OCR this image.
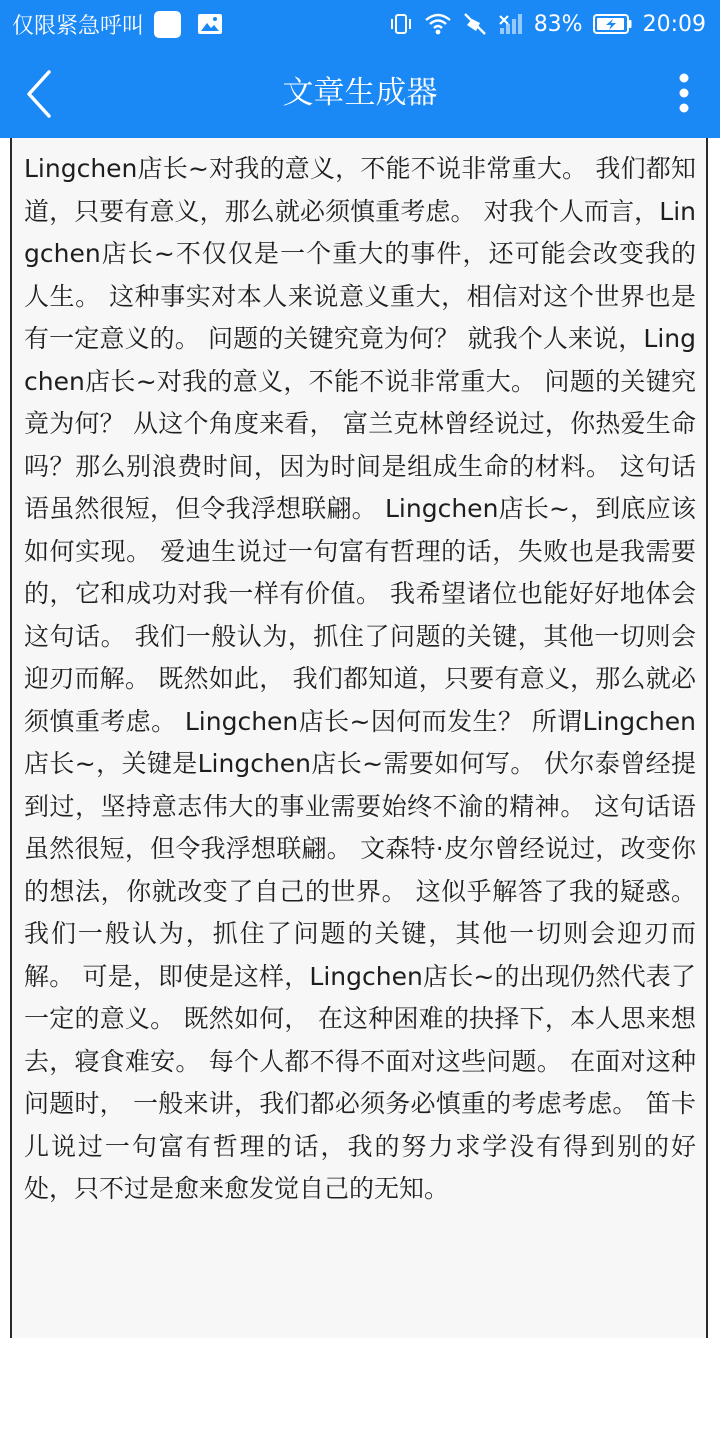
仅限紧急呼叫	83%	20:09
文章生成器

Lingchen店长~对我的意义，不能不说非常重大。 我们都知道，只要有意义，那么就必须慎重考虑。 对我个人而言，Lingchen店长~不仅仅是一个重大的事件，还可能会改变我的人生。 这种事实对本人来说意义重大，相信对这个世界也是有一定意义的。 问题的关键究竟为何？ 就我个人来说，Lingchen店长~对我的意义，不能不说非常重大。 问题的关键究竟为何？ 从这个角度来看， 富兰克林曾经说过，你热爱生命吗？那么别浪费时间，因为时间是组成生命的材料。 这句话语虽然很短，但令我浮想联翩。 Lingchen店长~，到底应该如何实现。 爱迪生说过一句富有哲理的话，失败也是我需要的，它和成功对我一样有价值。 我希望诸位也能好好地体会这句话。 我们一般认为，抓住了问题的关键，其他一切则会迎刃而解。 既然如此， 我们都知道，只要有意义，那么就必须慎重考虑。 Lingchen店长~因何而发生？ 所谓Lingchen店长~，关键是Lingchen店长~需要如何写。 伏尔泰曾经提到过，坚持意志伟大的事业需要始终不渝的精神。 这句话语虽然很短，但令我浮想联翩。 文森特·皮尔曾经说过，改变你的想法，你就改变了自己的世界。 这似乎解答了我的疑惑。 我们一般认为，抓住了问题的关键，其他一切则会迎刃而解。 可是，即使是这样，Lingchen店长~的出现仍然代表了一定的意义。 既然如何， 在这种困难的抉择下，本人思来想去，寝食难安。 每个人都不得不面对这些问题。 在面对这种问题时， 一般来讲，我们都必须务必慎重的考虑考虑。 笛卡儿说过一句富有哲理的话，我的努力求学没有得到别的好处，只不过是愈来愈发觉自己的无知。
